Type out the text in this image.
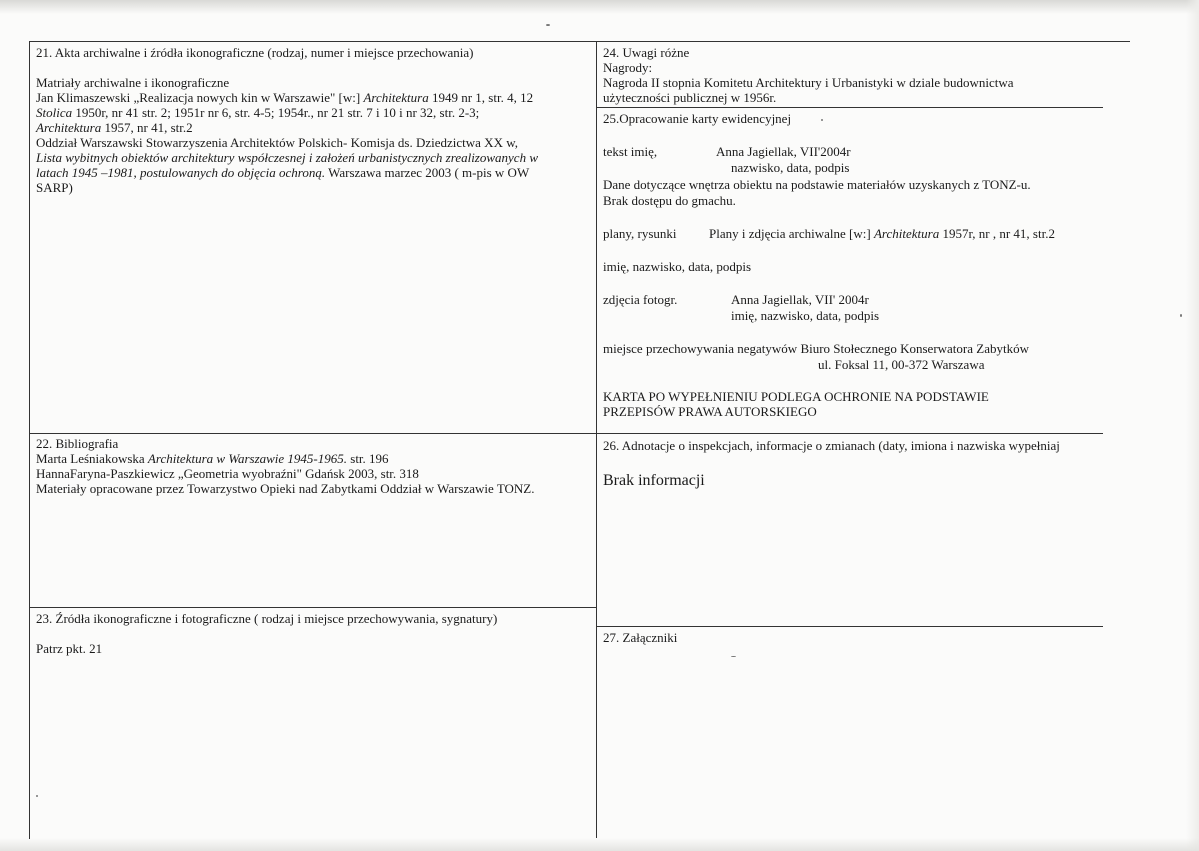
21. Akta archiwalne i źródła ikonograficzne (rodzaj, numer i miejsce przechowania)
Matriały archiwalne i ikonograficzne
Jan Klimaszewski „Realizacja nowych kin w Warszawie" [w:] Architektura 1949 nr 1, str. 4, 12
Stolica 1950r, nr 41 str. 2; 1951r nr 6, str. 4-5; 1954r., nr 21 str. 7 i 10 i nr 32, str. 2-3;
Architektura 1957, nr 41, str.2
Oddział Warszawski Stowarzyszenia Architektów Polskich- Komisja ds. Dziedzictwa XX w,
Lista wybitnych obiektów architektury współczesnej i założeń urbanistycznych zrealizowanych w
latach 1945 –1981, postulowanych do objęcia ochroną. Warszawa marzec 2003 ( m-pis w OW
SARP)
22. Bibliografia
Marta Leśniakowska Architektura w Warszawie 1945-1965. str. 196
HannaFaryna-Paszkiewicz „Geometria wyobraźni" Gdańsk 2003, str. 318
Materiały opracowane przez Towarzystwo Opieki nad Zabytkami Oddział w Warszawie TONZ.
23. Źródła ikonograficzne i fotograficzne ( rodzaj i miejsce przechowywania, sygnatury)
Patrz pkt. 21
24. Uwagi różne
Nagrody:
Nagroda II stopnia Komitetu Architektury i Urbanistyki w dziale budownictwa
użyteczności publicznej w 1956r.
25.Opracowanie karty ewidencyjnej
tekst imię,	Anna Jagiellak, VII'2004r
nazwisko, data, podpis
Dane dotyczące wnętrza obiektu na podstawie materiałów uzyskanych z TONZ-u.
Brak dostępu do gmachu.
plany, rysunki Plany i zdjęcia archiwalne [w:] Architektura 1957r, nr , nr 41, str.2
imię, nazwisko, data, podpis
zdjęcia fotogr.	Anna Jagiellak, VII' 2004r
imię, nazwisko, data, podpis
miejsce przechowywania negatywów Biuro Stołecznego Konserwatora Zabytków
ul. Foksal 11, 00-372 Warszawa
KARTA PO WYPEŁNIENIU PODLEGA OCHRONIE NA PODSTAWIE
PRZEPISÓW PRAWA AUTORSKIEGO
26. Adnotacje o inspekcjach, informacje o zmianach (daty, imiona i nazwiska wypełniaj
Brak informacji
27. Załączniki
